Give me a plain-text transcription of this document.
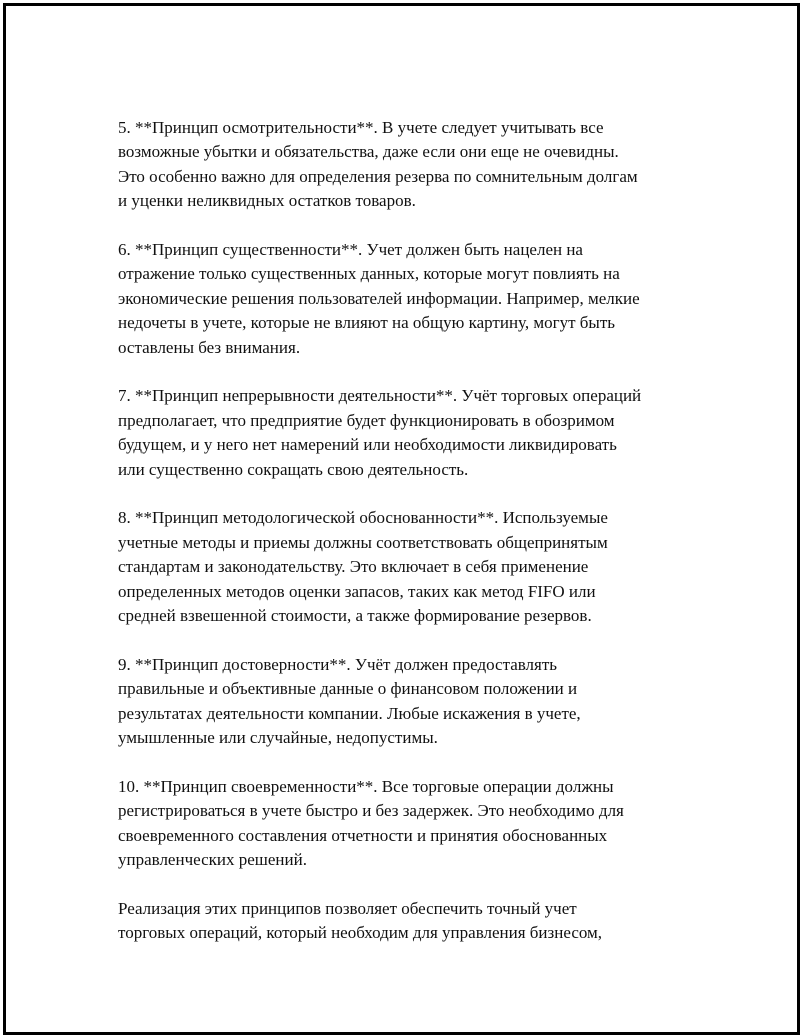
5. **Принцип осмотрительности**. В учете следует учитывать все
возможные убытки и обязательства, даже если они еще не очевидны.
Это особенно важно для определения резерва по сомнительным долгам
и уценки неликвидных остатков товаров.

6. **Принцип существенности**. Учет должен быть нацелен на
отражение только существенных данных, которые могут повлиять на
экономические решения пользователей информации. Например, мелкие
недочеты в учете, которые не влияют на общую картину, могут быть
оставлены без внимания.

7. **Принцип непрерывности деятельности**. Учёт торговых операций
предполагает, что предприятие будет функционировать в обозримом
будущем, и у него нет намерений или необходимости ликвидировать
или существенно сокращать свою деятельность.

8. **Принцип методологической обоснованности**. Используемые
учетные методы и приемы должны соответствовать общепринятым
стандартам и законодательству. Это включает в себя применение
определенных методов оценки запасов, таких как метод FIFO или
средней взвешенной стоимости, а также формирование резервов.

9. **Принцип достоверности**. Учёт должен предоставлять
правильные и объективные данные о финансовом положении и
результатах деятельности компании. Любые искажения в учете,
умышленные или случайные, недопустимы.

10. **Принцип своевременности**. Все торговые операции должны
регистрироваться в учете быстро и без задержек. Это необходимо для
своевременного составления отчетности и принятия обоснованных
управленческих решений.

Реализация этих принципов позволяет обеспечить точный учет
торговых операций, который необходим для управления бизнесом,
